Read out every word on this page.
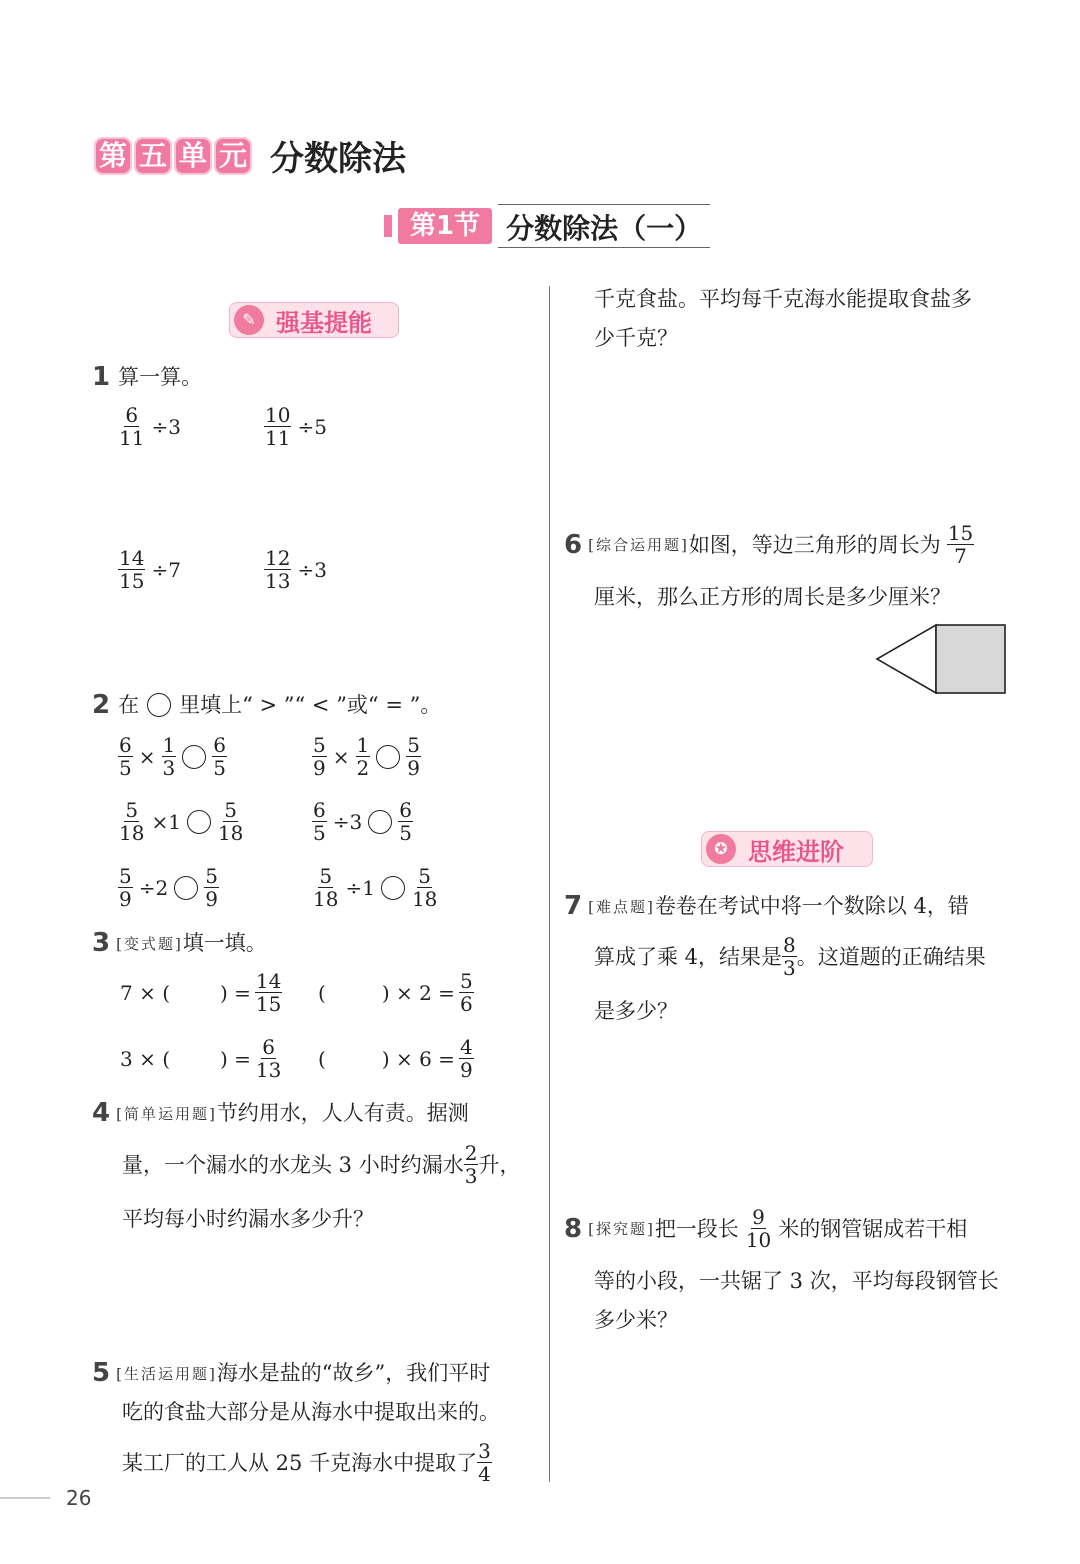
第 五 单 元 分数除法
第1节 分数除法（一）
✎ 强基提能
1 算一算。
$\frac{6}{11} \div 3$	$\frac{10}{11} \div 5$
$\frac{14}{15} \div 7$	$\frac{12}{13} \div 3$
2 在 里填上“ > ”“ < ”或“ = ”。
$\frac{6}{5} \times \frac{1}{3} \frac{6}{5}$	$\frac{5}{9} \times \frac{1}{2} \frac{5}{9}$
$\frac{5}{18} \times 1 \frac{5}{18}$	$\frac{6}{5} \div 3 \frac{6}{5}$
$\frac{5}{9} \div 2 \frac{5}{9}$	$\frac{5}{18} \div 1 \frac{5}{18}$
3 [变式题] 填一填。
7 × (	) = $\frac{14}{15}$ (	) × $2 = \frac{5}{6}$
3 × (	) = $\frac{6}{13}$ (	) × $6 = \frac{4}{9}$
4 [简单运用题] 节约用水，人人有责。据测
量，一个漏水的水龙头 3 小时约漏水 $\frac{2}{3}$ 升，
平均每小时约漏水多少升？
5 [生活运用题] 海水是盐的“故乡”，我们平时
吃的食盐大部分是从海水中提取出来的。
某工厂的工人从 25 千克海水中提取了 $\frac{3}{4}$
26
千克食盐。平均每千克海水能提取食盐多
少千克？
6 [综合运用题] 如图，等边三角形的周长为 $\frac{15}{7}$
厘米，那么正方形的周长是多少厘米？
✪ 思维进阶
7 [难点题] 卷卷在考试中将一个数除以 4，错
算成了乘 4，结果是 $\frac{8}{3}$ 。这道题的正确结果
是多少？
8 [探究题] 把一段长 $\frac{9}{10}$ 米的钢管锯成若干相
等的小段，一共锯了 3 次，平均每段钢管长
多少米？
